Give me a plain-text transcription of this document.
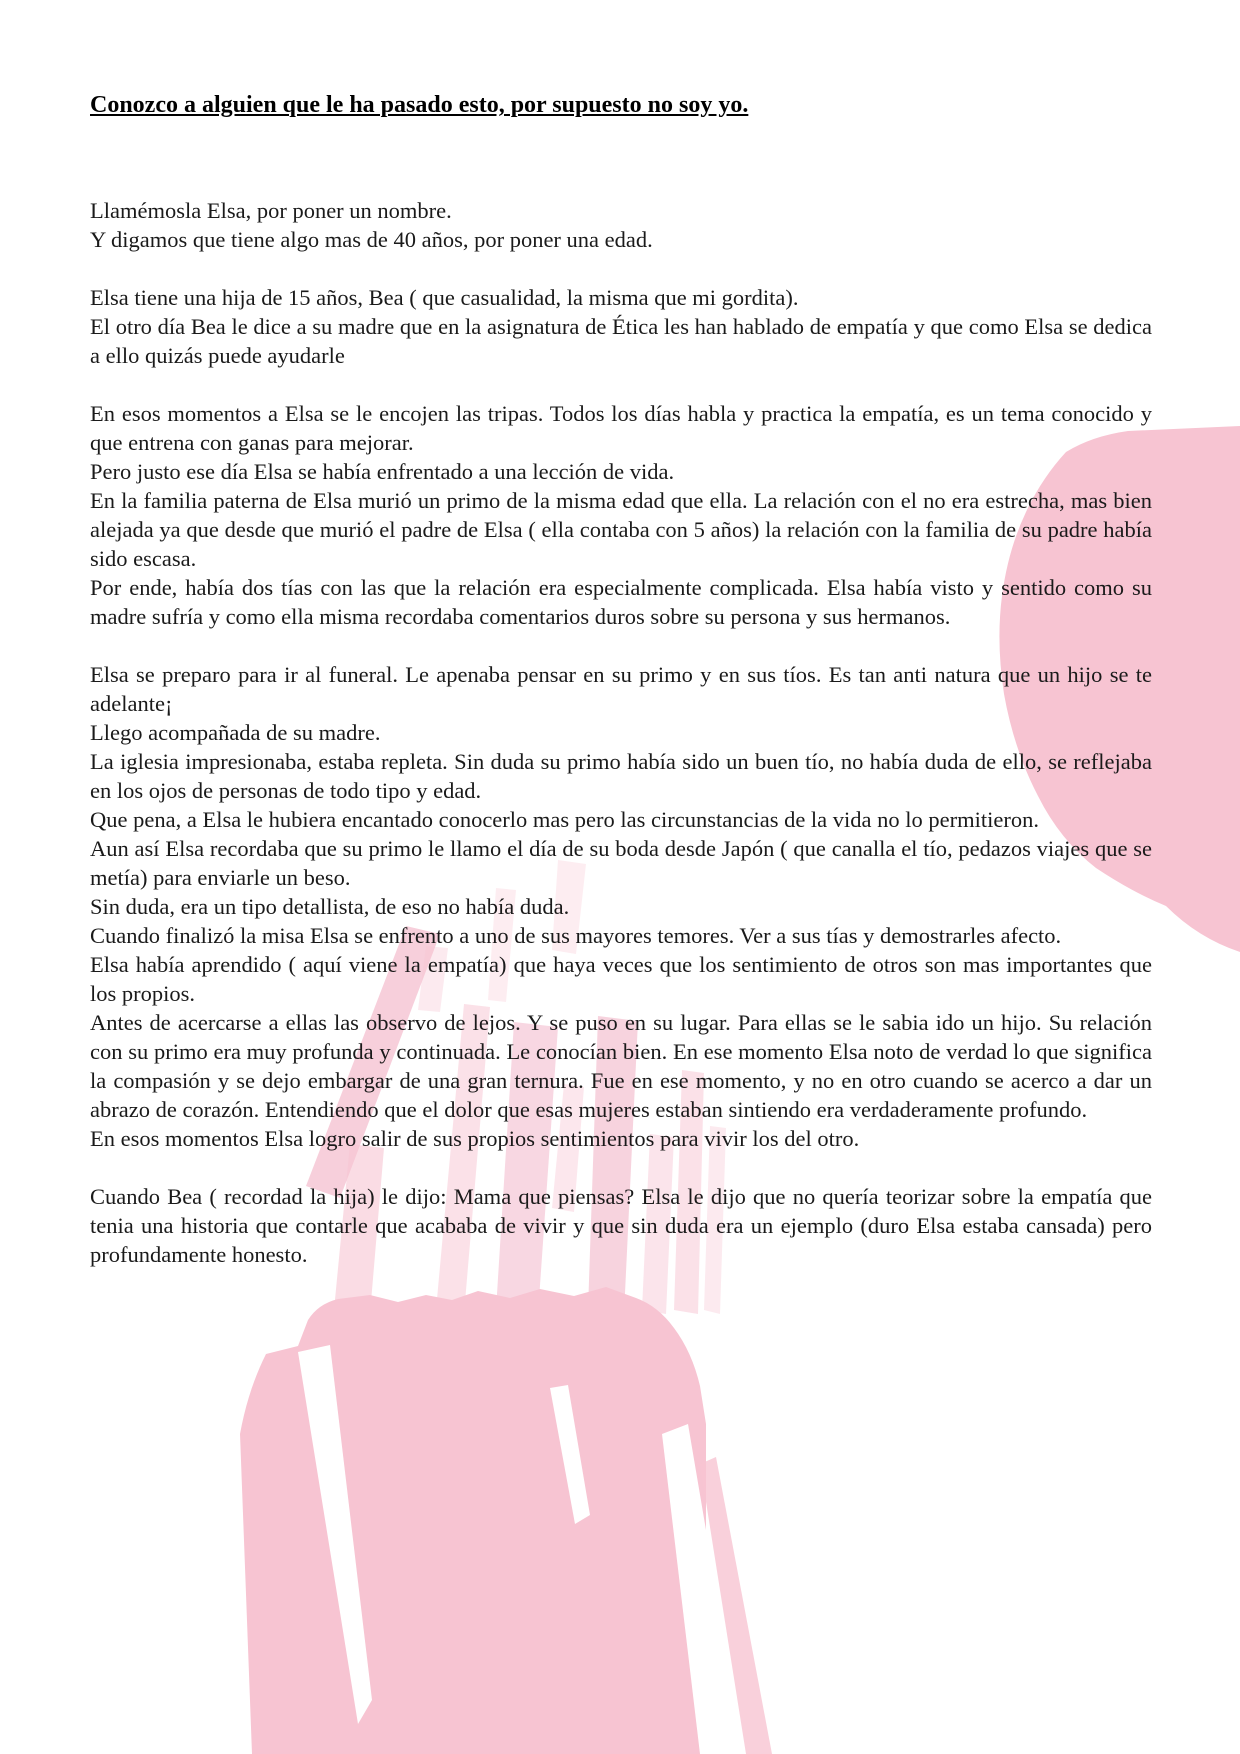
Conozco a alguien que le ha pasado esto, por supuesto no soy yo.
Llamémosla Elsa, por poner un nombre.
Y digamos que tiene algo mas de 40 años, por poner una edad.
Elsa tiene una hija de 15 años, Bea ( que casualidad, la misma que mi gordita).
El otro día Bea le dice a su madre que en la asignatura de Ética les han hablado de empatía y que como Elsa se dedica a ello quizás puede ayudarle
En esos momentos a Elsa se le encojen las tripas. Todos los días habla y practica la empatía, es un tema conocido y que entrena con ganas para mejorar.
Pero justo ese día Elsa se había enfrentado a una lección de vida.
En la familia paterna de Elsa murió un primo de la misma edad que ella. La relación con el no era estrecha, mas bien alejada ya que desde que murió el padre de Elsa ( ella contaba con 5 años) la relación con la familia de su padre había sido escasa.
Por ende, había dos tías con las que la relación era especialmente complicada. Elsa había visto y sentido como su madre sufría y como ella misma recordaba comentarios duros sobre su persona y sus hermanos.
Elsa se preparo para ir al funeral. Le apenaba pensar en su primo y en sus tíos. Es tan anti natura que un hijo se te adelante¡
Llego acompañada de su madre.
La iglesia impresionaba, estaba repleta. Sin duda su primo había sido un buen tío, no había duda de ello, se reflejaba en los ojos de personas de todo tipo y edad.
Que pena, a Elsa le hubiera encantado conocerlo mas pero las circunstancias de la vida no lo permitieron.
Aun así Elsa recordaba que su primo le llamo el día de su boda desde Japón ( que canalla el tío, pedazos viajes que se metía) para enviarle un beso.
Sin duda, era un tipo detallista, de eso no había duda.
Cuando finalizó la misa Elsa se enfrento a uno de sus mayores temores. Ver a sus tías y demostrarles afecto.
Elsa había aprendido ( aquí viene la empatía) que haya veces que los sentimiento de otros son mas importantes que los propios.
Antes de acercarse a ellas las observo de lejos. Y se puso en su lugar. Para ellas se le sabia ido un hijo. Su relación con su primo era muy profunda y continuada. Le conocían bien. En ese momento Elsa noto de verdad lo que significa la compasión y se dejo embargar de una gran ternura. Fue en ese momento, y no en otro cuando se acerco a dar un abrazo de corazón. Entendiendo que el dolor que esas mujeres estaban sintiendo era verdaderamente profundo.
En esos momentos Elsa logro salir de sus propios sentimientos para vivir los del otro.
Cuando Bea ( recordad la hija) le dijo: Mama que piensas? Elsa le dijo que no quería teorizar sobre la empatía que tenia una historia que contarle que acababa de vivir y que sin duda era un ejemplo (duro Elsa estaba cansada) pero profundamente honesto.
